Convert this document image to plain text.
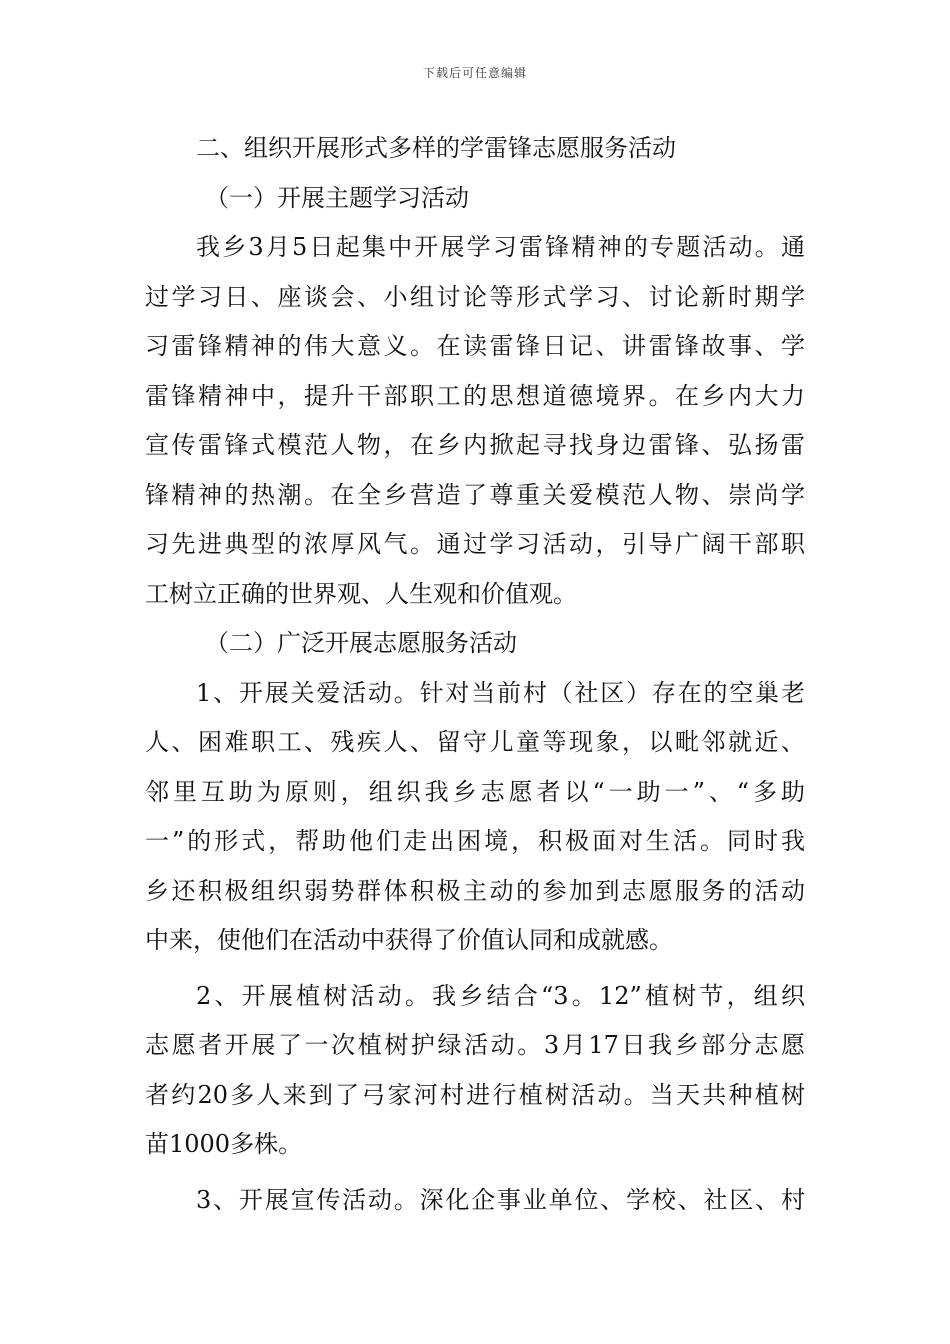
下载后可任意编辑
二、组织开展形式多样的学雷锋志愿服务活动
（一）开展主题学习活动
我乡3月5日起集中开展学习雷锋精神的专题活动。通
过学习日、座谈会、小组讨论等形式学习、讨论新时期学
习雷锋精神的伟大意义。在读雷锋日记、讲雷锋故事、学
雷锋精神中，提升干部职工的思想道德境界。在乡内大力
宣传雷锋式模范人物，在乡内掀起寻找身边雷锋、弘扬雷
锋精神的热潮。在全乡营造了尊重关爱模范人物、崇尚学
习先进典型的浓厚风气。通过学习活动，引导广阔干部职
工树立正确的世界观、人生观和价值观。
（二）广泛开展志愿服务活动
1、开展关爱活动。针对当前村（社区）存在的空巢老
人、困难职工、残疾人、留守儿童等现象，以毗邻就近、
邻里互助为原则，组织我乡志愿者以“一助一”、“多助
一”的形式，帮助他们走出困境，积极面对生活。同时我
乡还积极组织弱势群体积极主动的参加到志愿服务的活动
中来，使他们在活动中获得了价值认同和成就感。
2、开展植树活动。我乡结合“3。12”植树节，组织
志愿者开展了一次植树护绿活动。3月17日我乡部分志愿
者约20多人来到了弓家河村进行植树活动。当天共种植树
苗1000多株。
3、开展宣传活动。深化企事业单位、学校、社区、村
